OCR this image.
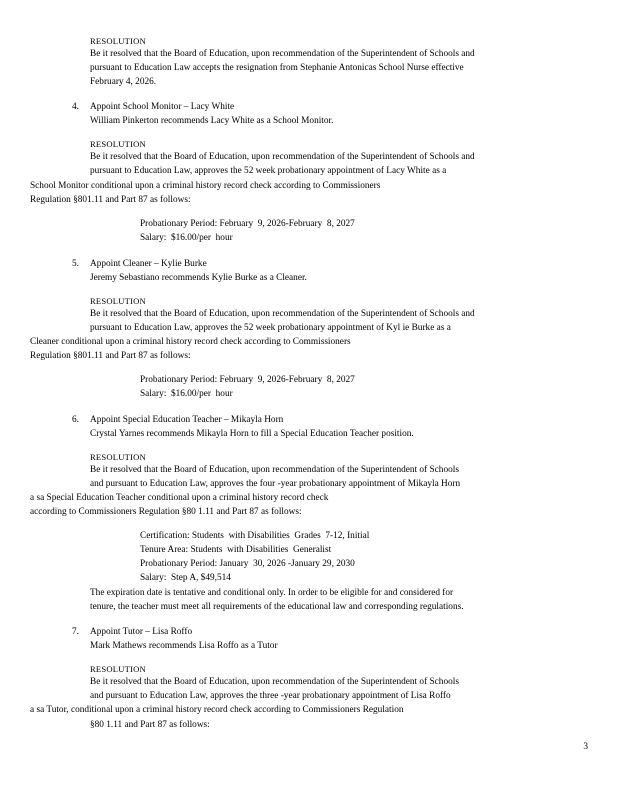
RESOLUTION
Be it resolved that the Board of Education, upon recommendation of the Superintendent of Schools and
pursuant to Education Law accepts the resignation from Stephanie Antonicas School Nurse effective
February 4, 2026.
4.	Appoint School Monitor – Lacy White
William Pinkerton recommends Lacy White as a School Monitor.
RESOLUTION
Be it resolved that the Board of Education, upon recommendation of the Superintendent of Schools and
pursuant to Education Law, approves the 52 week probationary appointment of Lacy White as a
School Monitor conditional upon a criminal history record check according to Commissioners
Regulation §801.11 and Part 87 as follows:
Probationary Period: February  9, 2026-February  8, 2027
Salary:  $16.00/per  hour
5.	Appoint Cleaner – Kylie Burke
Jeremy Sebastiano recommends Kylie Burke as a Cleaner.
RESOLUTION
Be it resolved that the Board of Education, upon recommendation of the Superintendent of Schools and
pursuant to Education Law, approves the 52 week probationary appointment of Kyl ie Burke as a
Cleaner conditional upon a criminal history record check according to Commissioners
Regulation §801.11 and Part 87 as follows:
Probationary Period: February  9, 2026-February  8, 2027
Salary:  $16.00/per  hour
6.	Appoint Special Education Teacher – Mikayla Horn
Crystal Yarnes recommends Mikayla Horn to fill a Special Education Teacher position.
RESOLUTION
Be it resolved that the Board of Education, upon recommendation of the Superintendent of Schools
and pursuant to Education Law, approves the four -year probationary appointment of Mikayla Horn
a sa Special Education Teacher conditional upon a criminal history record check
according to Commissioners Regulation §80 1.11 and Part 87 as follows:
Certification: Students  with Disabilities  Grades  7-12, Initial
Tenure Area: Students  with Disabilities  Generalist
Probationary Period: January  30, 2026 -January 29, 2030
Salary:  Step A, $49,514
The expiration date is tentative and conditional only. In order to be eligible for and considered for
tenure, the teacher must meet all requirements of the educational law and corresponding regulations.
7.	Appoint Tutor – Lisa Roffo
Mark Mathews recommends Lisa Roffo as a Tutor
RESOLUTION
Be it resolved that the Board of Education, upon recommendation of the Superintendent of Schools
and pursuant to Education Law, approves the three -year probationary appointment of Lisa Roffo
a sa Tutor, conditional upon a criminal history record check according to Commissioners Regulation
§80 1.11 and Part 87 as follows:
3
